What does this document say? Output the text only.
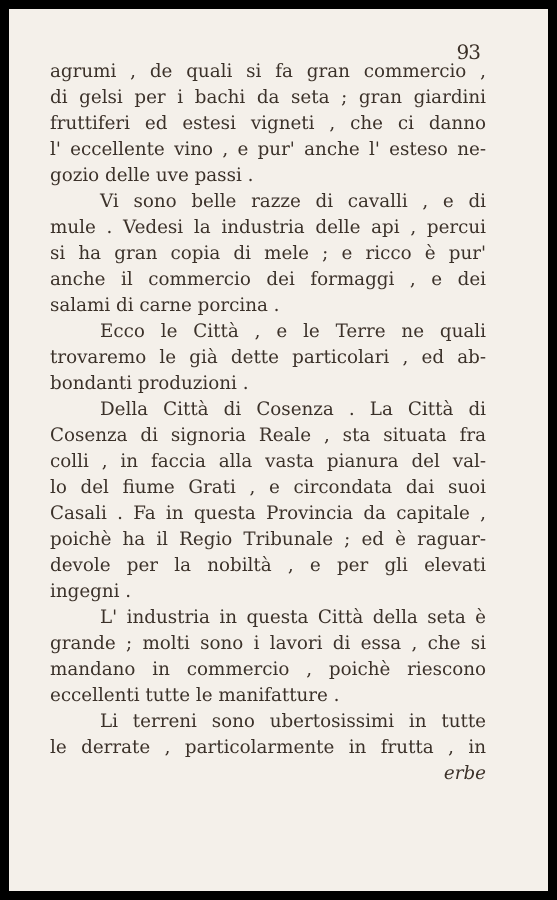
93
agrumi , de quali si fa gran commercio ,
di gelsi per i bachi da seta ; gran giardini
fruttiferi ed estesi vigneti , che ci danno
l' eccellente vino , e pur' anche l' esteso ne-
gozio delle uve passi .
Vi sono belle razze di cavalli , e di
mule . Vedesi la industria delle api , percui
si ha gran copia di mele ; e ricco è pur'
anche il commercio dei formaggi , e dei
salami di carne porcina .
Ecco le Città , e le Terre ne quali
trovaremo le già dette particolari , ed ab-
bondanti produzioni .
Della Città di Cosenza . La Città di
Cosenza di signoria Reale , sta situata fra
colli , in faccia alla vasta pianura del val-
lo del fiume Grati , e circondata dai suoi
Casali . Fa in questa Provincia da capitale ,
poichè ha il Regio Tribunale ; ed è raguar-
devole per la nobiltà , e per gli elevati
ingegni .
L' industria in questa Città della seta è
grande ; molti sono i lavori di essa , che si
mandano in commercio , poichè riescono
eccellenti tutte le manifatture .
Li terreni sono ubertosissimi in tutte
le derrate , particolarmente in frutta , in
erbe
